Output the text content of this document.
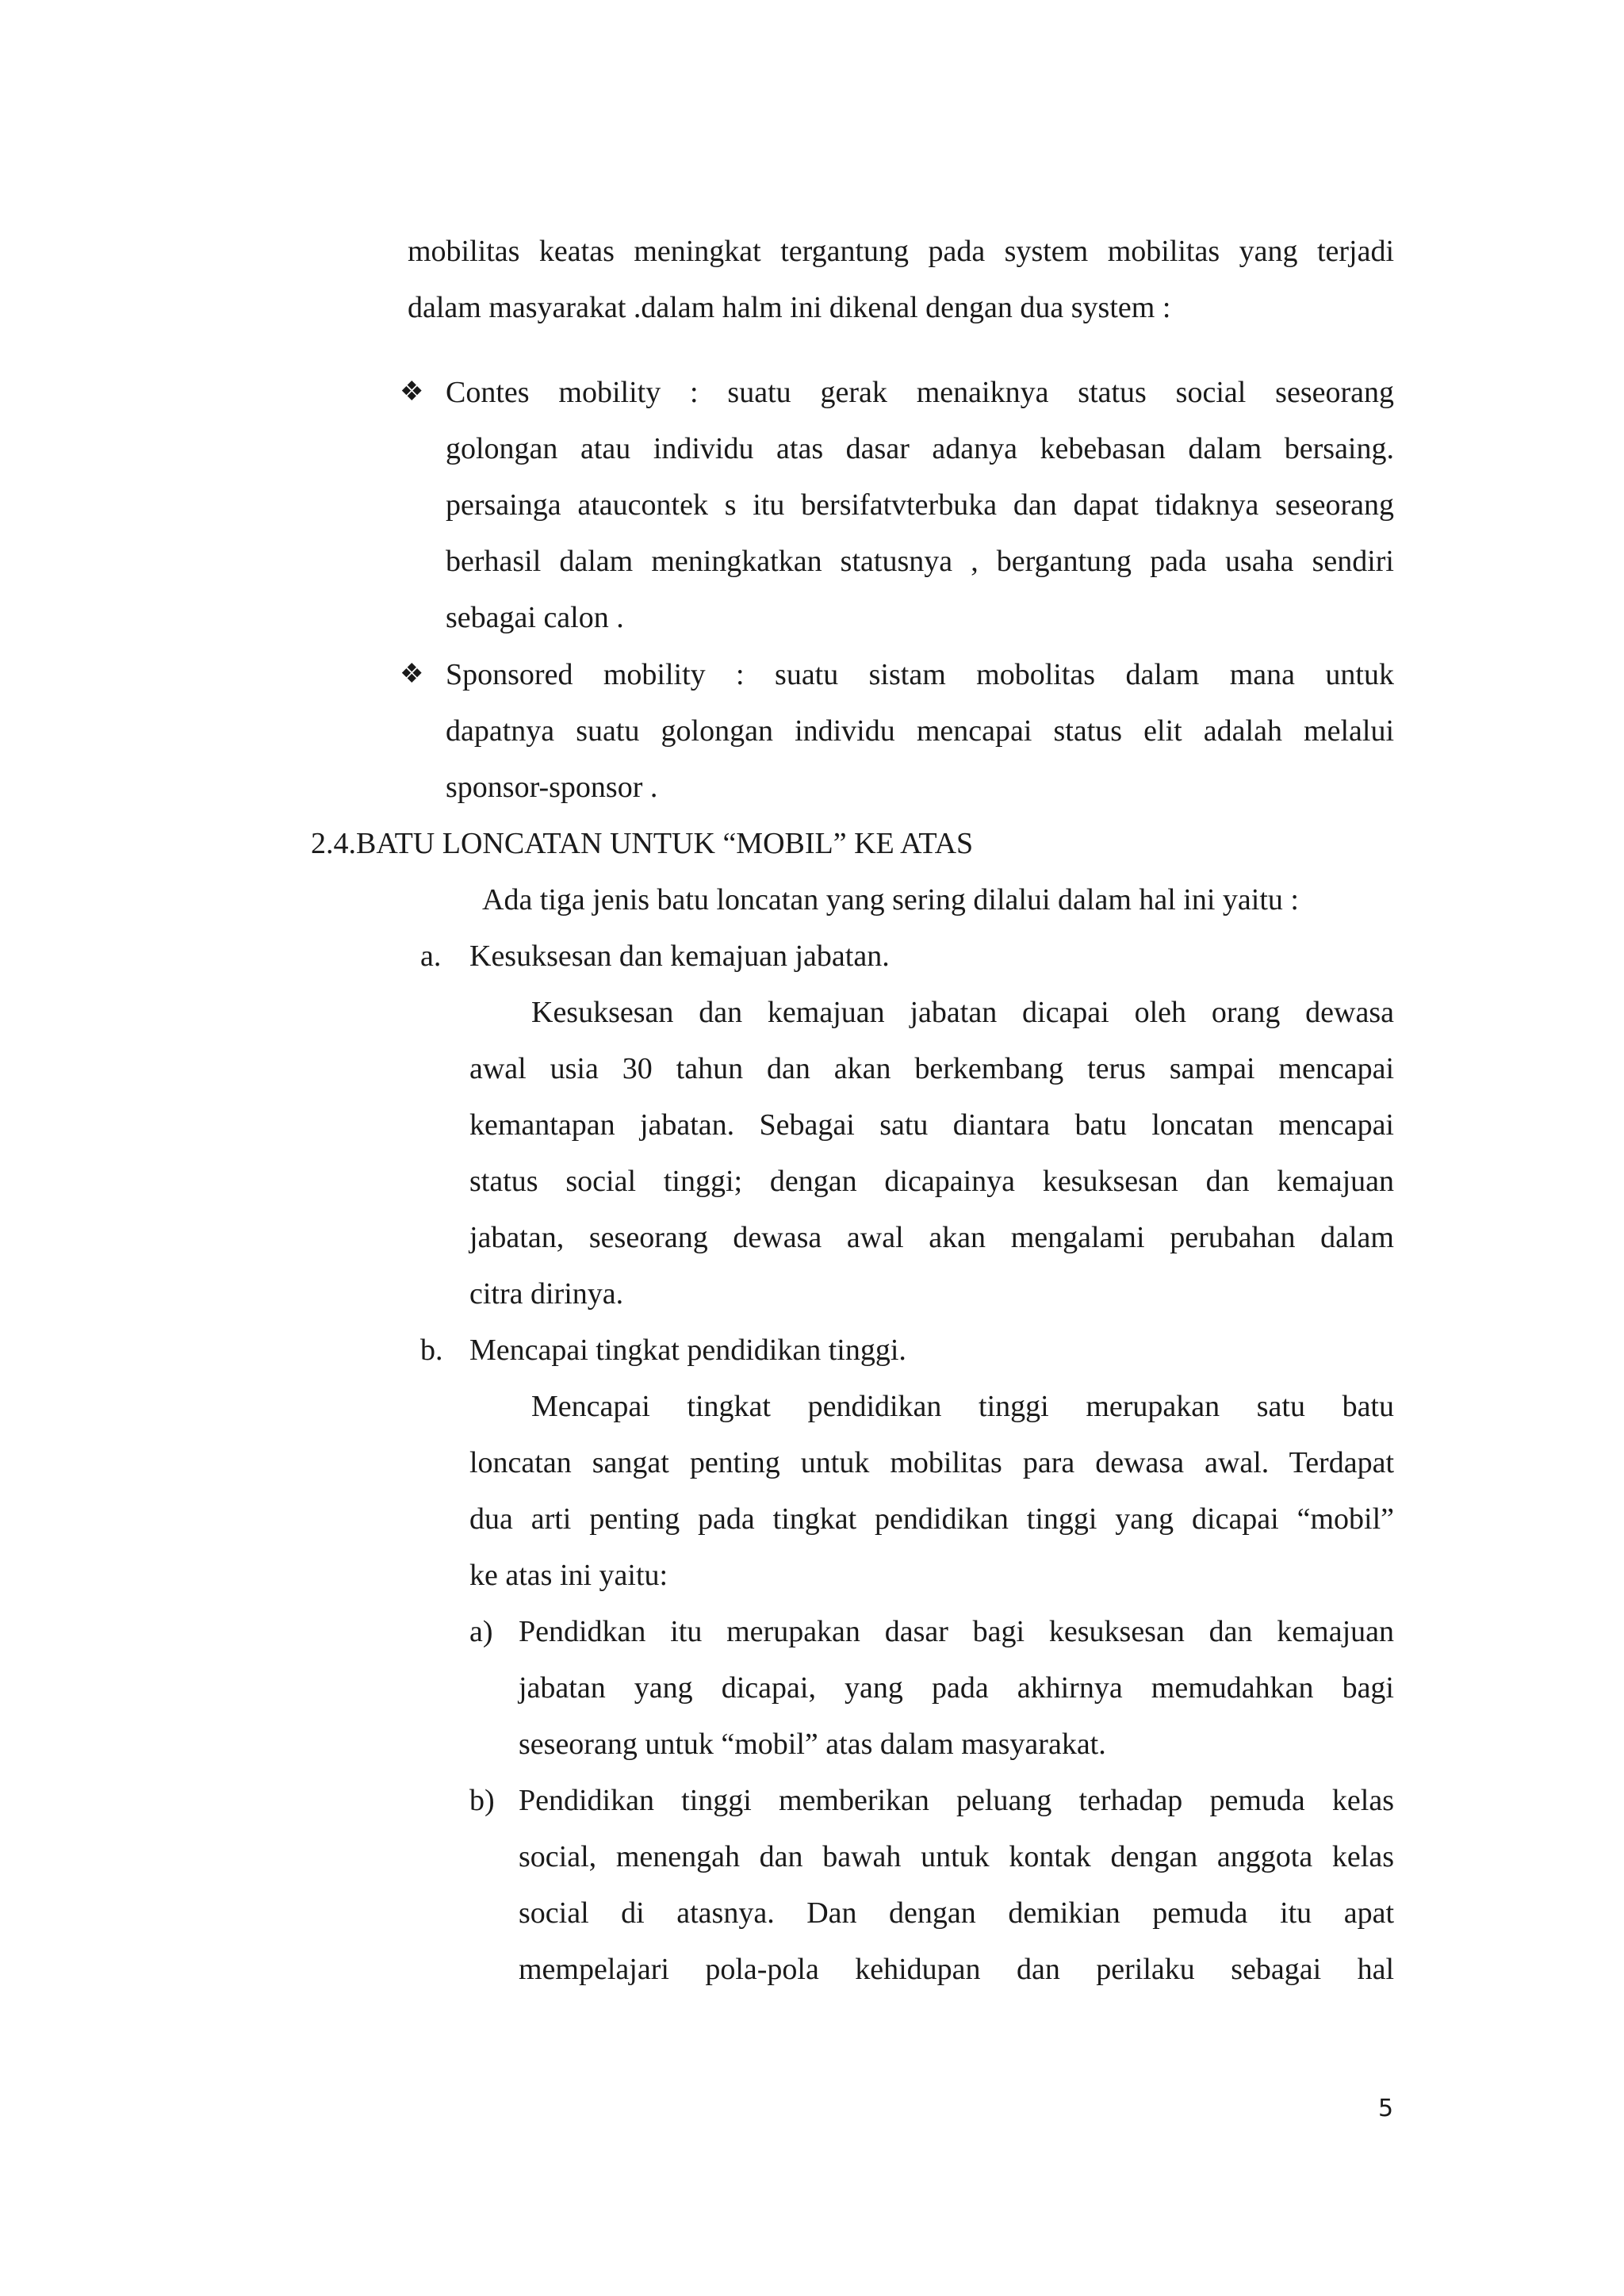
mobilitas keatas meningkat tergantung pada system mobilitas yang terjadi
dalam masyarakat .dalam halm ini dikenal dengan dua system :
❖ Contes mobility : suatu gerak menaiknya status social seseorang
golongan atau individu atas dasar adanya kebebasan dalam bersaing.
persainga ataucontek s itu bersifatvterbuka dan dapat tidaknya seseorang
berhasil dalam meningkatkan statusnya , bergantung pada usaha sendiri
sebagai calon .
❖ Sponsored mobility : suatu sistam mobolitas dalam mana untuk
dapatnya suatu golongan individu mencapai status elit adalah melalui
sponsor-sponsor .
2.4.BATU LONCATAN UNTUK “MOBIL” KE ATAS
Ada tiga jenis batu loncatan yang sering dilalui dalam hal ini yaitu :
a. Kesuksesan dan kemajuan jabatan.
Kesuksesan dan kemajuan jabatan dicapai oleh orang dewasa
awal usia 30 tahun dan akan berkembang terus sampai mencapai
kemantapan jabatan. Sebagai satu diantara batu loncatan mencapai
status social tinggi; dengan dicapainya kesuksesan dan kemajuan
jabatan, seseorang dewasa awal akan mengalami perubahan dalam
citra dirinya.
b. Mencapai tingkat pendidikan tinggi.
Mencapai tingkat pendidikan tinggi merupakan satu batu
loncatan sangat penting untuk mobilitas para dewasa awal. Terdapat
dua arti penting pada tingkat pendidikan tinggi yang dicapai “mobil”
ke atas ini yaitu:
a) Pendidkan itu merupakan dasar bagi kesuksesan dan kemajuan
jabatan yang dicapai, yang pada akhirnya memudahkan bagi
seseorang untuk “mobil” atas dalam masyarakat.
b) Pendidikan tinggi memberikan peluang terhadap pemuda kelas
social, menengah dan bawah untuk kontak dengan anggota kelas
social di atasnya. Dan dengan demikian pemuda itu apat
mempelajari pola-pola kehidupan dan perilaku sebagai hal
5
